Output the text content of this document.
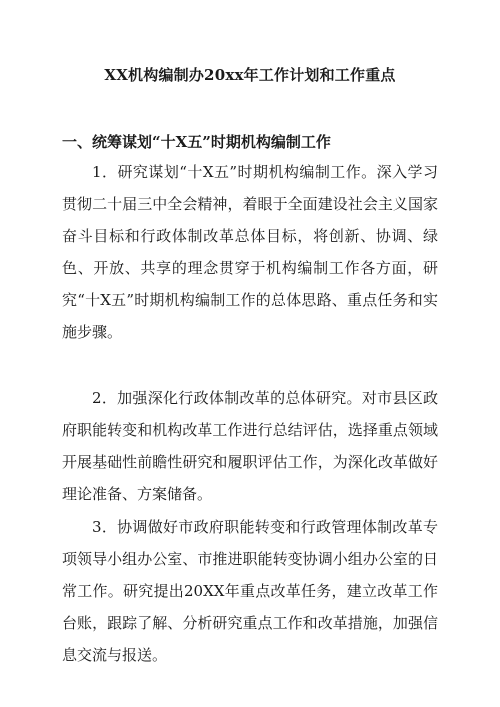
XX机构编制办20xx年工作计划和工作重点
一、统筹谋划“十X五”时期机构编制工作

1．研究谋划“十X五”时期机构编制工作。深入学习贯彻二十届三中全会精神，着眼于全面建设社会主义国家奋斗目标和行政体制改革总体目标，将创新、协调、绿色、开放、共享的理念贯穿于机构编制工作各方面，研究“十X五”时期机构编制工作的总体思路、重点任务和实施步骤。

2．加强深化行政体制改革的总体研究。对市县区政府职能转变和机构改革工作进行总结评估，选择重点领域开展基础性前瞻性研究和履职评估工作，为深化改革做好理论准备、方案储备。

3．协调做好市政府职能转变和行政管理体制改革专项领导小组办公室、市推进职能转变协调小组办公室的日常工作。研究提出20XX年重点改革任务，建立改革工作台账，跟踪了解、分析研究重点工作和改革措施，加强信息交流与报送。
